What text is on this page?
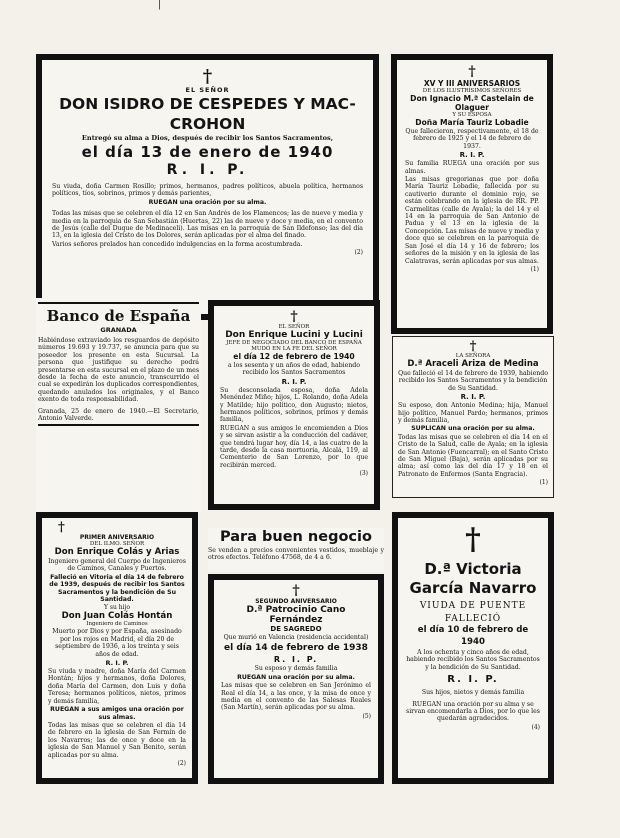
|
†
EL SEÑOR
DON ISIDRO DE CESPEDES Y MAC-CROHON
Entregó su alma a Dios, después de recibir los Santos Sacramentos,
el día 13 de enero de 1940
R. I. P.

Su viuda, doña Carmen Rosillo; primos, hermanos, padres políticos, abuela política, hermanos políticos, tíos, sobrinos, primos y demás parientes,

RUEGAN una oración por su alma.

Todas las misas que se celebren el día 12 en San Andrés de los Flamencos; las de nueve y media y media en la parroquia de San Sebastián (Huertas, 22) las de nueve y doce y media, en el convento de Jesús (calle del Duque de Medinaceli). Las misas en la parroquia de San Ildefonso; las del día 13, en la iglesia del Cristo de los Dolores, serán aplicadas por el alma del finado.

Varios señores prelados han concedido indulgencias en la forma acostumbrada.

(2)
†
XV Y III ANIVERSARIOS
DE LOS ILUSTRÍSIMOS SEÑORES
Don Ignacio M.ª Castelain de Olaguer
Y SU ESPOSA
Doña María Tauriz Lobadie

Que fallecieron, respectivamente, el 18 de febrero de 1925 y el 14 de febrero de 1937.

R. I. P.

Su familia RUEGA una oración por sus almas.

Las misas gregorianas que por doña María Tauriz Lobadie, fallecida por su cautiverio durante el dominio rojo, se están celebrando en la iglesia de RR. PP. Carmelitas (calle de Ayala); la del 14 y el 14 en la parroquia de San Antonio de Padua y el 13 en la iglesia de la Concepción. Las misas de nueve y media y doce que se celebren en la parroquia de San José el día 14 y 16 de febrero; los señores de la misión y en la iglesia de las Calatravas, serán aplicadas por sus almas.

(1)
Banco de España
GRANADA

Habiéndose extraviado los resguardos de depósito números 19.693 y 19.737, se anuncia para que su poseedor los presente en esta Sucursal. La persona que justifique su derecho podrá presentarse en esta sucursal en el plazo de un mes desde la fecha de este anuncio, transcurrido el cual se expedirán los duplicados correspondientes, quedando anulados los originales, y el Banco exento de toda responsabilidad.

Granada, 25 de enero de 1940.—El Secretario, Antonio Valverde.

†
EL SEÑOR
Don Enrique Lucini y Lucini
JEFE DE NEGOCIADO DEL BANCO DE ESPAÑA
MUDÓ EN LA FE DEL SEÑOR
el día 12 de febrero de 1940

a los sesenta y un años de edad, habiendo recibido los Santos Sacramentos

R. I. P.

Su desconsolada esposa, doña Adela Menéndez Miño; hijos, L. Rolando, doña Adela y Matilde; hijo político, don Augusto; nietos, hermanos políticos, sobrinos, primos y demás familia,

RUEGAN a sus amigos le encomienden a Dios y se sirvan asistir a la conducción del cadáver, que tendrá lugar hoy, día 14, a las cuatro de la tarde, desde la casa mortuoria, Alcalá, 119, al Cementerio de San Lorenzo, por lo que recibirán merced.

(3)
†
LA SEÑORA
D.ª Araceli Ariza de Medina

Que falleció el 14 de febrero de 1939, habiendo recibido los Santos Sacramentos y la bendición de Su Santidad.

R. I. P.

Su esposo, don Antonio Medina; hija, Manuel hijo político, Manuel Pardo; hermanos, primos y demás familia,

SUPLICAN una oración por su alma.

Todas las misas que se celebren el día 14 en el Cristo de la Salud, calle de Ayala; en la iglesia de San Antonio (Fuencarral); en el Santo Cristo de San Miguel (Baja), serán aplicadas por su alma; así como las del día 17 y 18 en el Patronato de Enfermos (Santa Engracia).

(1)
†
PRIMER ANIVERSARIO
DEL ILMO. SEÑOR
Don Enrique Colás y Arias

Ingeniero general del Cuerpo de Ingenieros de Caminos, Canales y Puertos.

Falleció en Vitoria el día 14 de febrero de 1939, después de recibir los Santos Sacramentos y la bendición de Su Santidad.

Y su hijo
Don Juan Colás Hontán
Ingeniero de Caminos

Muerto por Dios y por España, asesinado por los rojos en Madrid, el día 20 de septiembre de 1936, a los treinta y seis años de edad.

R. I. P.

Su viuda y madre, doña María del Carmen Hontán; hijos y hermanos, doña Dolores, doña María del Carmen, don Luis y doña Teresa; hermanos políticos, nietos, primos y demás familia,

RUEGAN a sus amigos una oración por sus almas.

Todas las misas que se celebren el día 14 de febrero en la iglesia de San Fermín de los Navarros; las de once y doce en la iglesia de San Manuel y San Benito, serán aplicadas por su alma.

(2)
Para buen negocio

Se venden a precios convenientes vestidos, mueblaje y otros efectos. Teléfono 47568, de 4 a 6.

†
SEGUNDO ANIVERSARIO
D.ª Patrocinio Cano Fernández
DE SAGREDO

Que murió en Valencia (residencia accidental)

el día 14 de febrero de 1938
R. I. P.

Su esposo y demás familia

RUEGAN una oración por su alma.

Las misas que se celebren en San Jerónimo el Real el día 14, a las once, y la misa de once y media en el convento de las Salesas Reales (San Martín), serán aplicadas por su alma.

(5)
†
D.ª Victoria García Navarro
VIUDA DE PUENTE
FALLECIÓ
el día 10 de febrero de 1940

A los ochenta y cinco años de edad, habiendo recibido los Santos Sacramentos y la bendición de Su Santidad.

R. I. P.

Sus hijos, nietos y demás familia

RUEGAN una oración por su alma y se sirvan encomendarla a Dios, por lo que les quedarán agradecidos.

(4)
